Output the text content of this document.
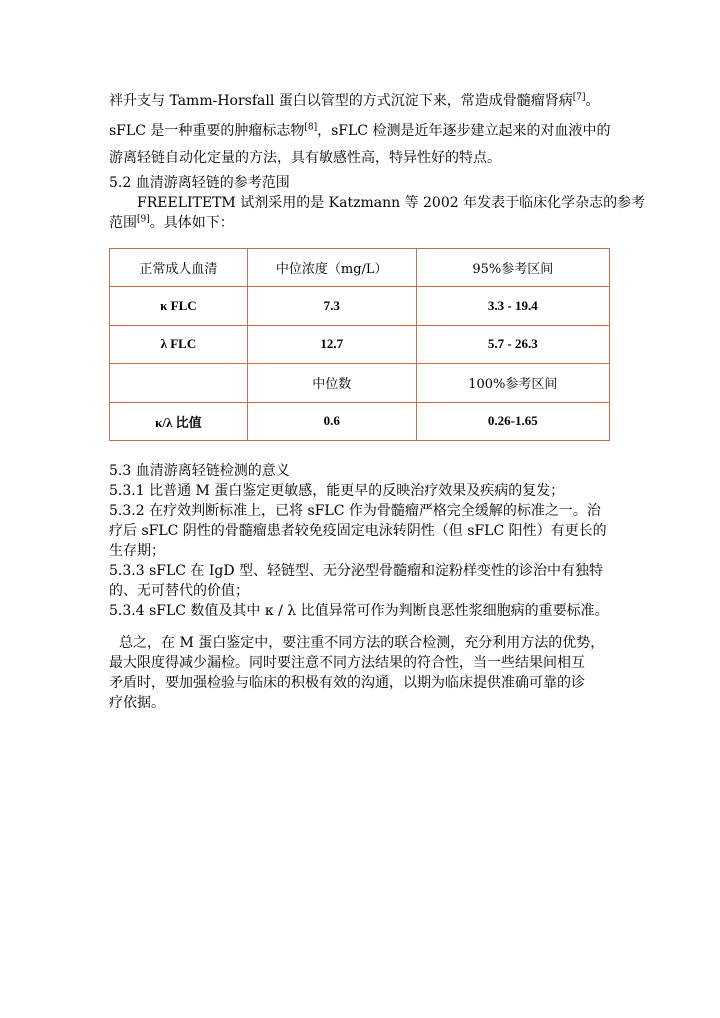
袢升支与 Tamm-Horsfall 蛋白以管型的方式沉淀下来，常造成骨髓瘤肾病[7]。
sFLC 是一种重要的肿瘤标志物[8]，sFLC 检测是近年逐步建立起来的对血液中的
游离轻链自动化定量的方法，具有敏感性高，特异性好的特点。
5.2 血清游离轻链的参考范围
FREELITETM 试剂采用的是 Katzmann 等 2002 年发表于临床化学杂志的参考
范围[9]。具体如下：
正常成人血清	中位浓度（mg/L）	95%参考区间
κ FLC	7.3	3.3 - 19.4
λ FLC	12.7	5.7 - 26.3
	中位数	100%参考区间
κ/λ 比值	0.6	0.26-1.65
5.3 血清游离轻链检测的意义
5.3.1 比普通 M 蛋白鉴定更敏感，能更早的反映治疗效果及疾病的复发；
5.3.2 在疗效判断标准上，已将 sFLC 作为骨髓瘤严格完全缓解的标准之一。治
疗后 sFLC 阴性的骨髓瘤患者较免疫固定电泳转阴性（但 sFLC 阳性）有更长的
生存期；
5.3.3 sFLC 在 IgD 型、轻链型、无分泌型骨髓瘤和淀粉样变性的诊治中有独特
的、无可替代的价值；
5.3.4 sFLC 数值及其中 κ / λ 比值异常可作为判断良恶性浆细胞病的重要标准。
总之，在 M 蛋白鉴定中，要注重不同方法的联合检测，充分利用方法的优势，
最大限度得减少漏检。同时要注意不同方法结果的符合性，当一些结果间相互
矛盾时，要加强检验与临床的积极有效的沟通，以期为临床提供准确可靠的诊
疗依据。
